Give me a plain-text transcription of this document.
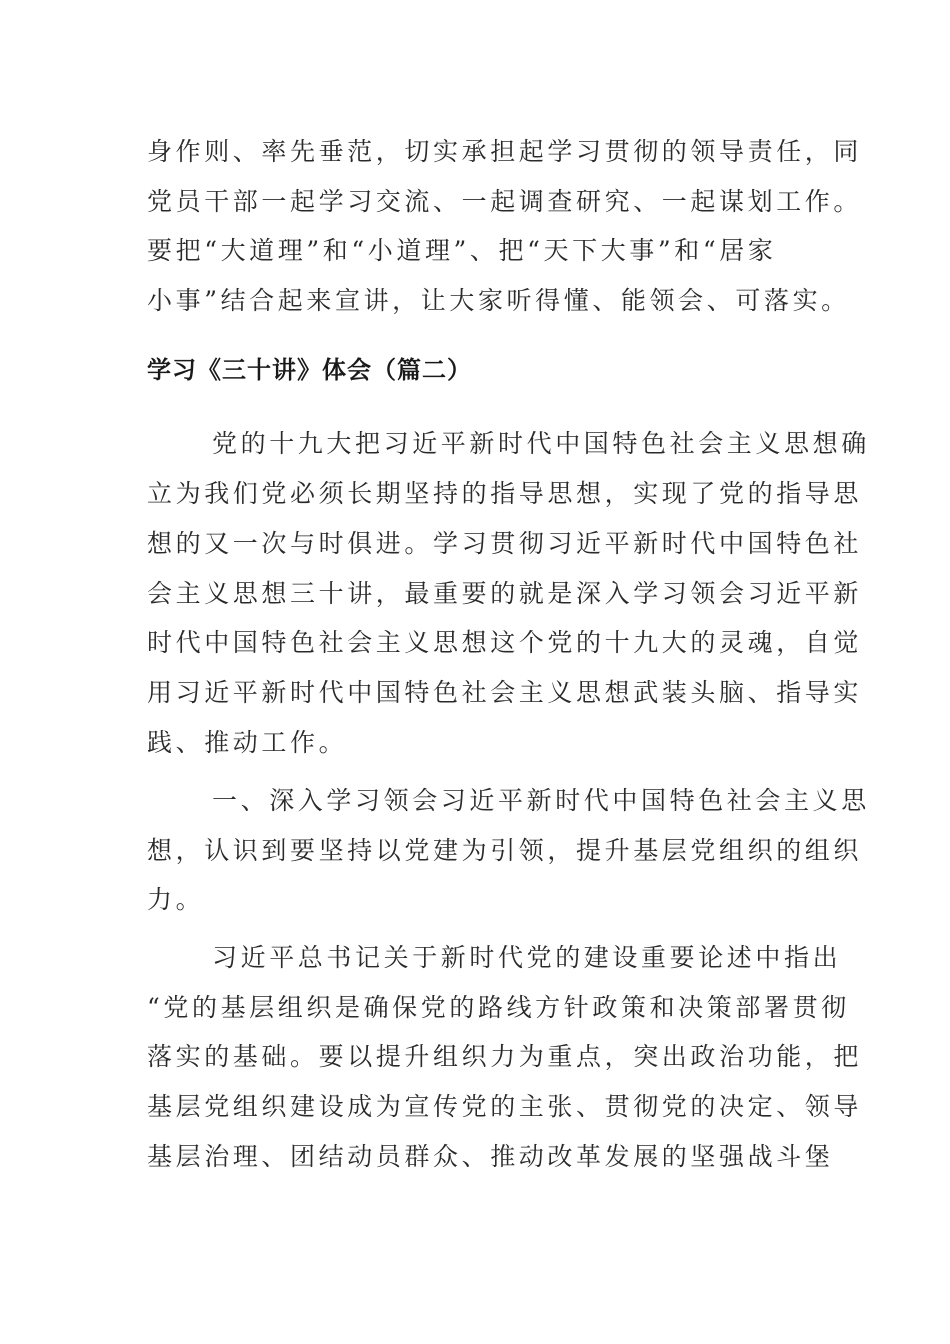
身作则、率先垂范，切实承担起学习贯彻的领导责任，同
党员干部一起学习交流、一起调查研究、一起谋划工作。
要把“大道理”和“小道理”、把“天下大事”和“居家
小事”结合起来宣讲，让大家听得懂、能领会、可落实。
学习《三十讲》体会（篇二）
党的十九大把习近平新时代中国特色社会主义思想确
立为我们党必须长期坚持的指导思想，实现了党的指导思
想的又一次与时俱进。学习贯彻习近平新时代中国特色社
会主义思想三十讲，最重要的就是深入学习领会习近平新
时代中国特色社会主义思想这个党的十九大的灵魂，自觉
用习近平新时代中国特色社会主义思想武装头脑、指导实
践、推动工作。
一、深入学习领会习近平新时代中国特色社会主义思
想，认识到要坚持以党建为引领，提升基层党组织的组织
力。
习近平总书记关于新时代党的建设重要论述中指出
“党的基层组织是确保党的路线方针政策和决策部署贯彻
落实的基础。要以提升组织力为重点，突出政治功能，把
基层党组织建设成为宣传党的主张、贯彻党的决定、领导
基层治理、团结动员群众、推动改革发展的坚强战斗堡
